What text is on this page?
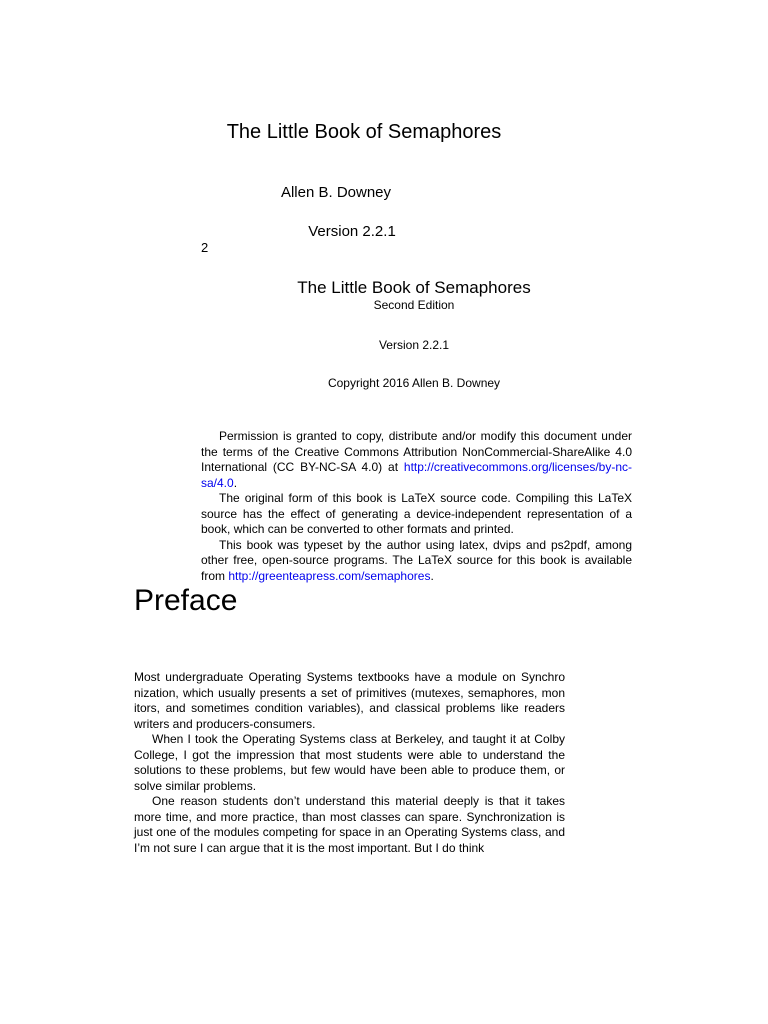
The Little Book of Semaphores
Allen B. Downey
Version 2.2.1
2
The Little Book of Semaphores
Second Edition
Version 2.2.1
Copyright 2016 Allen B. Downey

Permission is granted to copy, distribute and/or modify this document under the terms of the Creative Commons Attribution NonCommercial-ShareAlike 4.0 International (CC BY-NC-SA 4.0) at http://creativecommons.org/licenses/by-nc-sa/4.0.

The original form of this book is LaTeX source code. Compiling this LaTeX source has the effect of generating a device-independent representation of a book, which can be converted to other formats and printed.

This book was typeset by the author using latex, dvips and ps2pdf, among other free, open-source programs. The LaTeX source for this book is available from http://greenteapress.com/semaphores.

Preface

Most undergraduate Operating Systems textbooks have a module on Synchro nization, which usually presents a set of primitives (mutexes, semaphores, mon itors, and sometimes condition variables), and classical problems like readers writers and producers-consumers.

When I took the Operating Systems class at Berkeley, and taught it at Colby College, I got the impression that most students were able to understand the solutions to these problems, but few would have been able to produce them, or solve similar problems.

One reason students don’t understand this material deeply is that it takes more time, and more practice, than most classes can spare. Synchronization is just one of the modules competing for space in an Operating Systems class, and I’m not sure I can argue that it is the most important. But I do think
